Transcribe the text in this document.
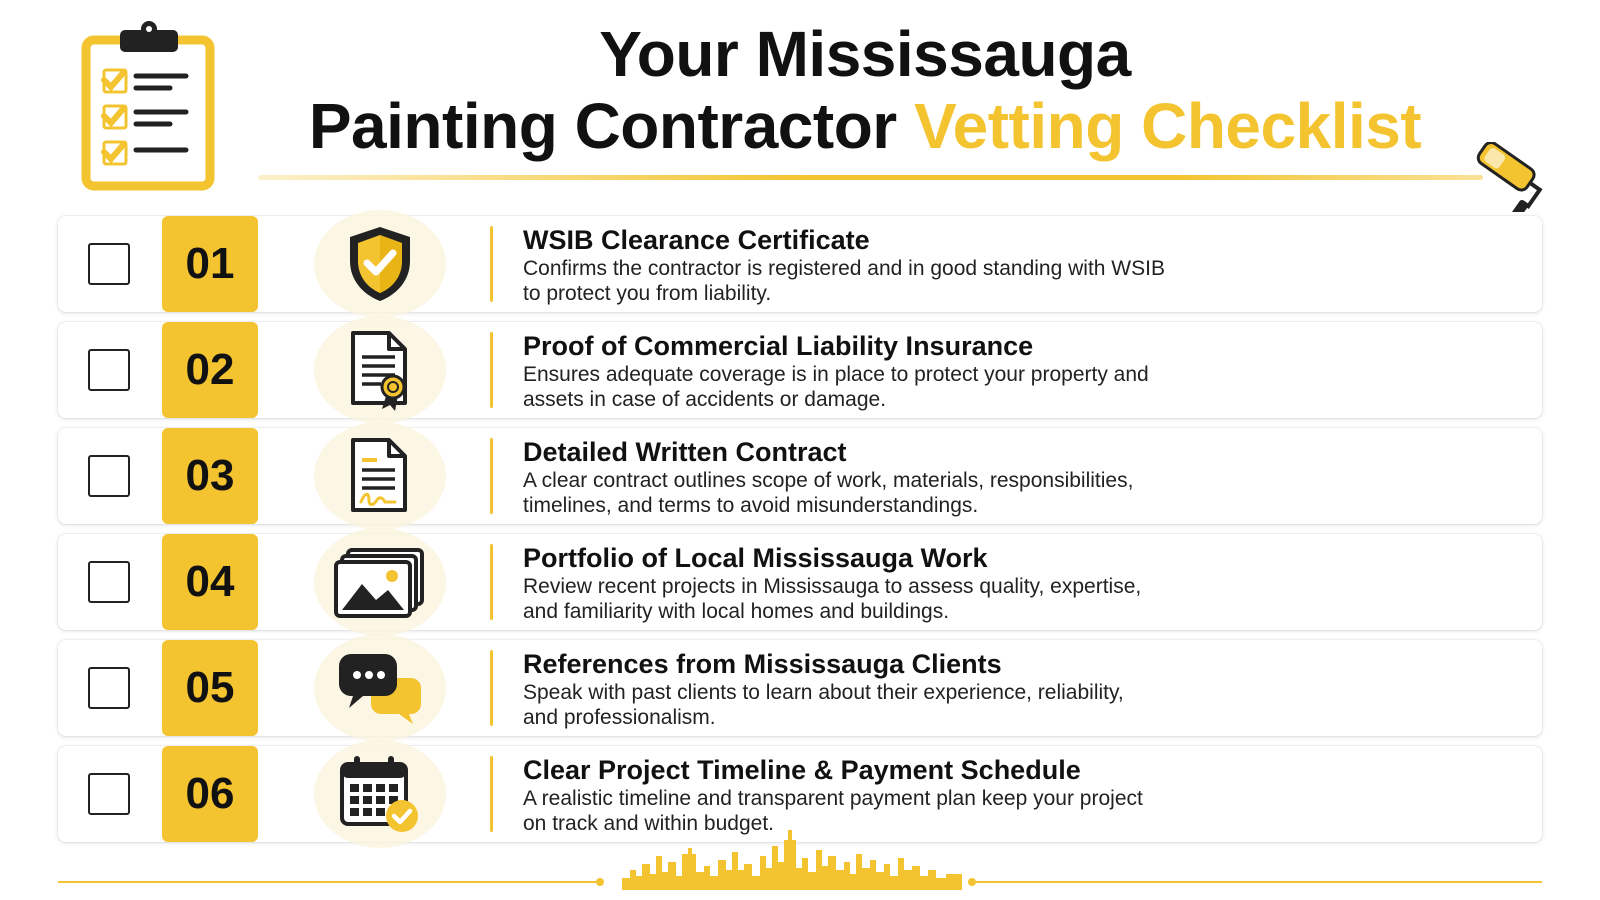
Your Mississauga
Painting Contractor Vetting Checklist
01	WSIB Clearance Certificate
Confirms the contractor is registered and in good standing with WSIB
to protect you from liability.
02	Proof of Commercial Liability Insurance
Ensures adequate coverage is in place to protect your property and
assets in case of accidents or damage.
03	Detailed Written Contract
A clear contract outlines scope of work, materials, responsibilities,
timelines, and terms to avoid misunderstandings.
04	Portfolio of Local Mississauga Work
Review recent projects in Mississauga to assess quality, expertise,
and familiarity with local homes and buildings.
05	References from Mississauga Clients
Speak with past clients to learn about their experience, reliability,
and professionalism.
06	Clear Project Timeline & Payment Schedule
A realistic timeline and transparent payment plan keep your project
on track and within budget.
